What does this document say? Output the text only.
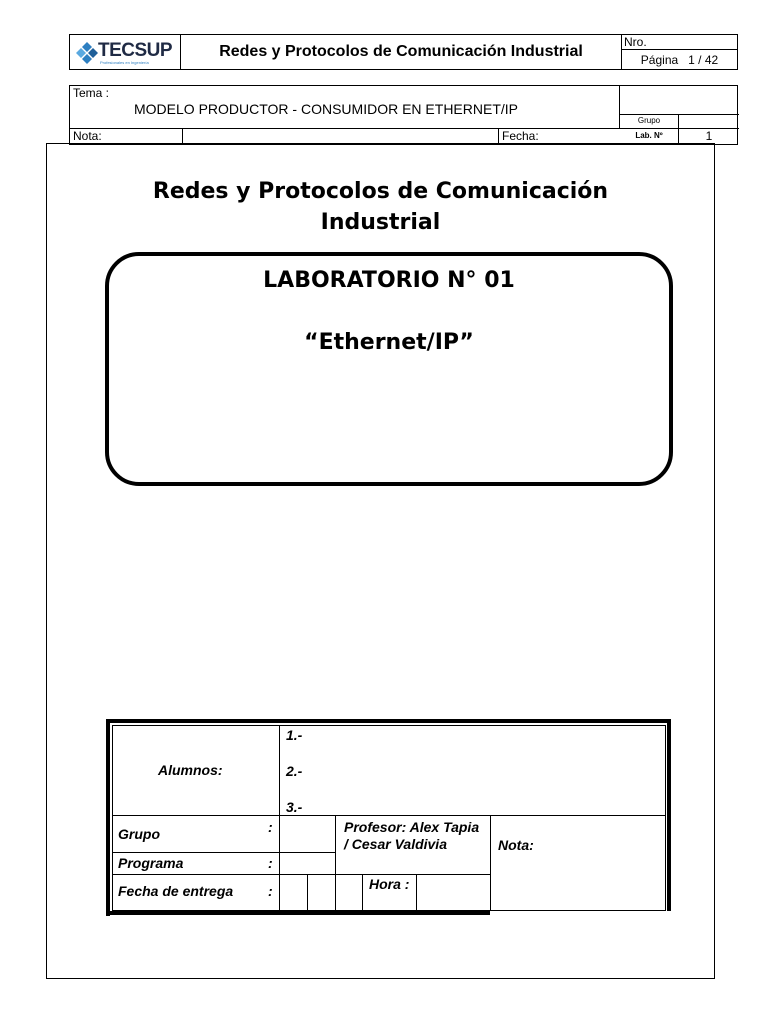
TECSUP
Profesionales en Ingeniería
Redes y Protocolos de Comunicación Industrial
Nro.
Página 1 / 42
Tema :
MODELO PRODUCTOR - CONSUMIDOR EN ETHERNET/IP
Grupo
Nota:	Fecha:	Lab. Nº	1
Redes y Protocolos de Comunicación
Industrial
LABORATORIO N° 01
“Ethernet/IP”
Alumnos:
1.-
2.-
3.-
Grupo	:
Programa	:
Fecha de entrega :
Profesor: Alex Tapia / Cesar Valdivia	Nota:
Hora :
